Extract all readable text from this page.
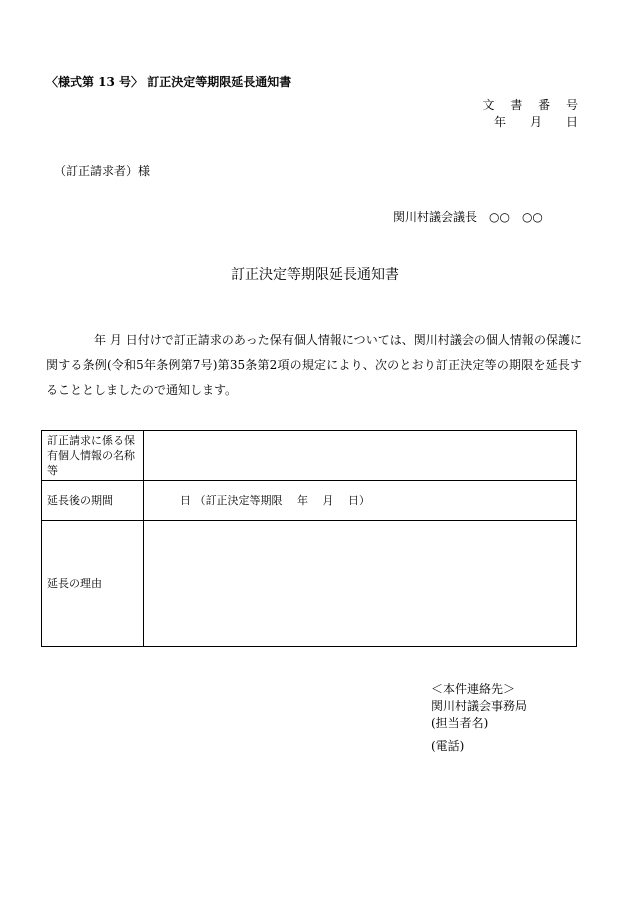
〈様式第 13 号〉 訂正決定等期限延長通知書
文 書 番 号
年　月　日
（訂正請求者）様
関川村議会議長　○○　○○
訂正決定等期限延長通知書
年 月 日付けで訂正請求のあった保有個人情報については、関川村議会の個人情報の保護に関する条例(令和5年条例第7号)第35条第2項の規定により、次のとおり訂正決定等の期限を延長することとしましたので通知します。
訂正請求に係る保有個人情報の名称等	
延長後の期間	日 （訂正決定等期限　 年　 月　 日）
延長の理由	
＜本件連絡先＞
関川村議会事務局
(担当者名)
(電話)
